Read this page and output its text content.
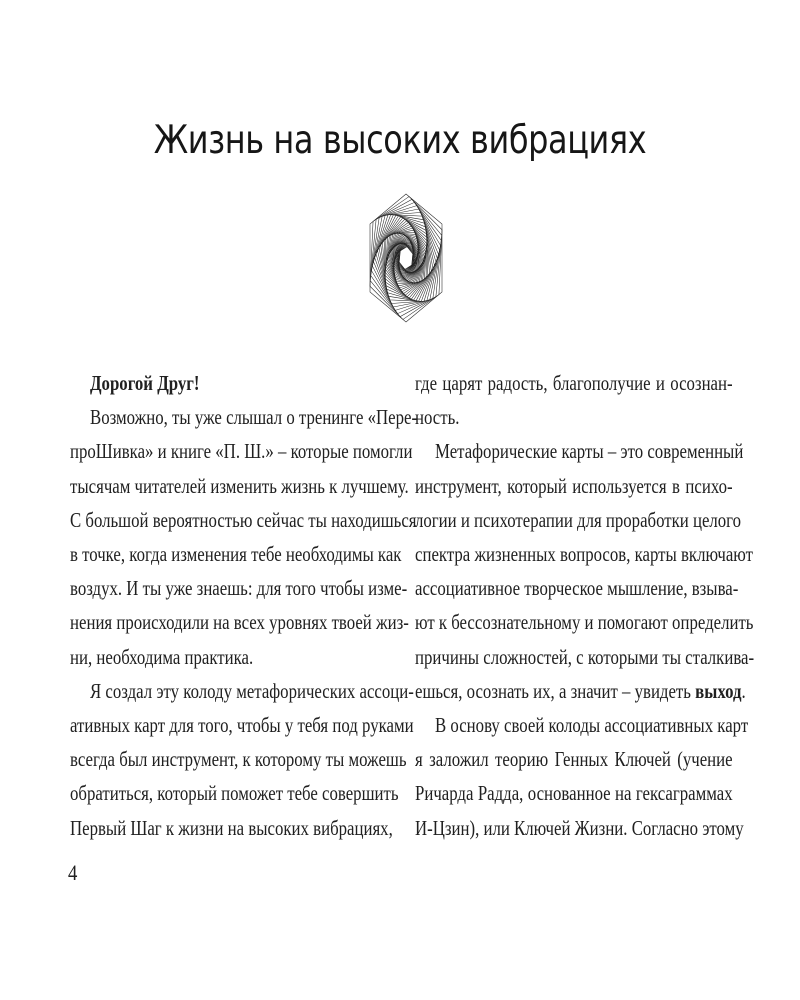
Жизнь на высоких вибрациях
Дорогой Друг!
Возможно, ты уже слышал о тренинге «Пере-
проШивка» и книге «П. Ш.» – которые помогли
тысячам читателей изменить жизнь к лучшему.
С большой вероятностью сейчас ты находишься
в точке, когда изменения тебе необходимы как
воздух. И ты уже знаешь: для того чтобы изме-
нения происходили на всех уровнях твоей жиз-
ни, необходима практика.
Я создал эту колоду метафорических ассоци-
ативных карт для того, чтобы у тебя под руками
всегда был инструмент, к которому ты можешь
обратиться, который поможет тебе совершить
Первый Шаг к жизни на высоких вибрациях,
где царят радость, благополучие и осознан-
ность.
Метафорические карты – это современный
инструмент, который используется в психо-
логии и психотерапии для проработки целого
спектра жизненных вопросов, карты включают
ассоциативное творческое мышление, взыва-
ют к бессознательному и помогают определить
причины сложностей, с которыми ты сталкива-
ешься, осознать их, а значит – увидеть выход.
В основу своей колоды ассоциативных карт
я заложил теорию Генных Ключей (учение
Ричарда Радда, основанное на гексаграммах
И-Цзин), или Ключей Жизни. Согласно этому
4
